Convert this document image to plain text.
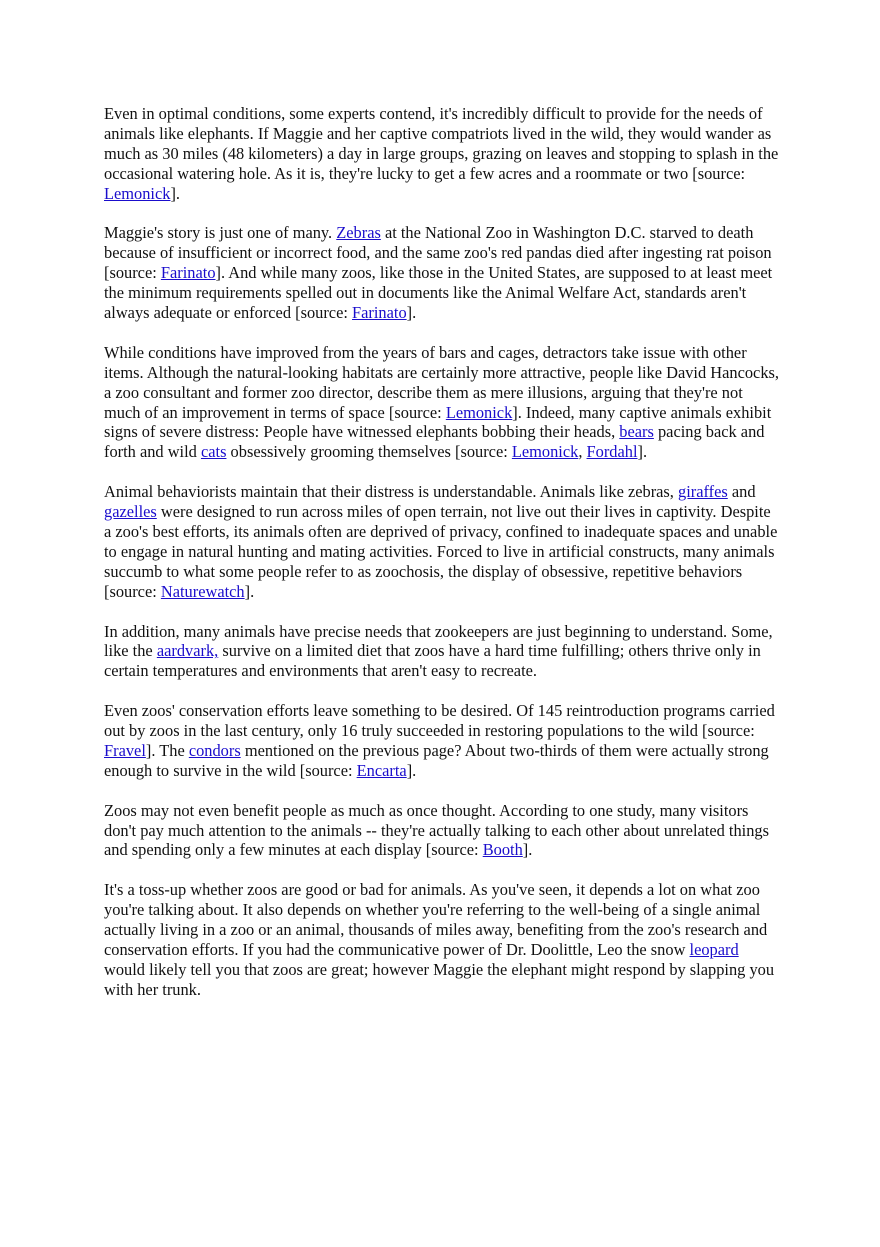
Even in optimal conditions, some experts contend, it's incredibly difficult to provide for the needs of animals like elephants. If Maggie and her captive compatriots lived in the wild, they would wander as much as 30 miles (48 kilometers) a day in large groups, grazing on leaves and stopping to splash in the occasional watering hole. As it is, they're lucky to get a few acres and a roommate or two [source: Lemonick].

Maggie's story is just one of many. Zebras at the National Zoo in Washington D.C. starved to death because of insufficient or incorrect food, and the same zoo's red pandas died after ingesting rat poison [source: Farinato]. And while many zoos, like those in the United States, are supposed to at least meet the minimum requirements spelled out in documents like the Animal Welfare Act, standards aren't always adequate or enforced [source: Farinato].

While conditions have improved from the years of bars and cages, detractors take issue with other items. Although the natural-looking habitats are certainly more attractive, people like David Hancocks, a zoo consultant and former zoo director, describe them as mere illusions, arguing that they're not much of an improvement in terms of space [source: Lemonick]. Indeed, many captive animals exhibit signs of severe distress: People have witnessed elephants bobbing their heads, bears pacing back and forth and wild cats obsessively grooming themselves [source: Lemonick, Fordahl].

Animal behaviorists maintain that their distress is understandable. Animals like zebras, giraffes and gazelles were designed to run across miles of open terrain, not live out their lives in captivity. Despite a zoo's best efforts, its animals often are deprived of privacy, confined to inadequate spaces and unable to engage in natural hunting and mating activities. Forced to live in artificial constructs, many animals succumb to what some people refer to as zoochosis, the display of obsessive, repetitive behaviors [source: Naturewatch].

In addition, many animals have precise needs that zookeepers are just beginning to understand. Some, like the aardvark, survive on a limited diet that zoos have a hard time fulfilling; others thrive only in certain temperatures and environments that aren't easy to recreate.

Even zoos' conservation efforts leave something to be desired. Of 145 reintroduction programs carried out by zoos in the last century, only 16 truly succeeded in restoring populations to the wild [source: Fravel]. The condors mentioned on the previous page? About two-thirds of them were actually strong enough to survive in the wild [source: Encarta].

Zoos may not even benefit people as much as once thought. According to one study, many visitors don't pay much attention to the animals -- they're actually talking to each other about unrelated things and spending only a few minutes at each display [source: Booth].

It's a toss-up whether zoos are good or bad for animals. As you've seen, it depends a lot on what zoo you're talking about. It also depends on whether you're referring to the well-being of a single animal actually living in a zoo or an animal, thousands of miles away, benefiting from the zoo's research and conservation efforts. If you had the communicative power of Dr. Doolittle, Leo the snow leopard would likely tell you that zoos are great; however Maggie the elephant might respond by slapping you with her trunk.
